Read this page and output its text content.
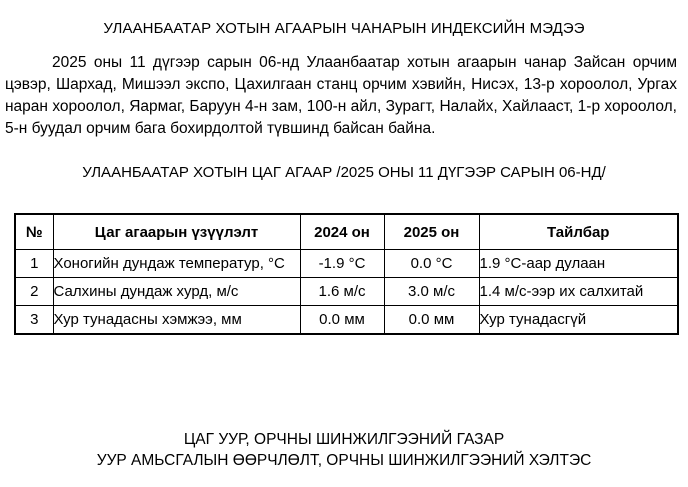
УЛААНБААТАР ХОТЫН АГААРЫН ЧАНАРЫН ИНДЕКСИЙН МЭДЭЭ

2025 оны 11 дүгээр сарын 06-нд Улаанбаатар хотын агаарын чанар Зайсан орчим цэвэр, Шархад, Мишээл экспо, Цахилгаан станц орчим хэвийн, Нисэх, 13-р хороолол, Ургах наран хороолол, Яармаг, Баруун 4-н зам, 100-н айл, Зурагт, Налайх, Хайлааст, 1-р хороолол, 5-н буудал орчим бага бохирдолтой түвшинд байсан байна.

УЛААНБААТАР ХОТЫН ЦАГ АГААР /2025 ОНЫ 11 ДҮГЭЭР САРЫН 06-НД/
№	Цаг агаарын үзүүлэлт	2024 он	2025 он	Тайлбар
1	Хоногийн дундаж температур, °С	-1.9 °С	0.0 °С	1.9 °С-аар дулаан
2	Салхины дундаж хурд, м/с	1.6 м/с	3.0 м/с	1.4 м/с-ээр их салхитай
3	Хур тунадасны хэмжээ, мм	0.0 мм	0.0 мм	Хур тунадасгүй
ЦАГ УУР, ОРЧНЫ ШИНЖИЛГЭЭНИЙ ГАЗАР
УУР АМЬСГАЛЫН ӨӨРЧЛӨЛТ, ОРЧНЫ ШИНЖИЛГЭЭНИЙ ХЭЛТЭС
